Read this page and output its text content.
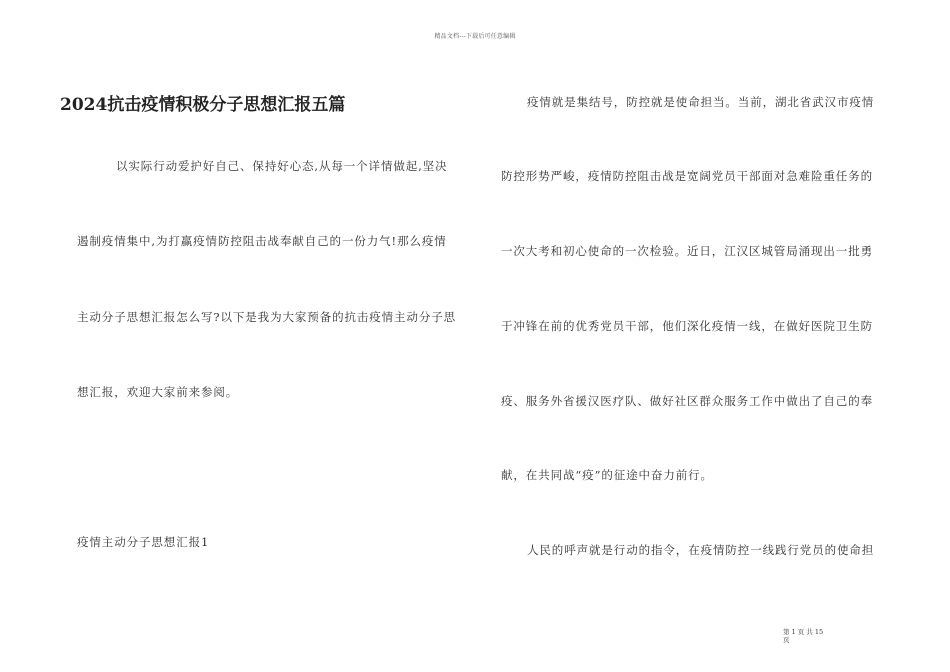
精品文档---下载后可任意编辑
2024抗击疫情积极分子思想汇报五篇
以实际行动爱护好自己、保持好心态,从每一个详情做起,坚决
遏制疫情集中,为打赢疫情防控阻击战奉献自己的一份力气!那么疫情
主动分子思想汇报怎么写?以下是我为大家预备的抗击疫情主动分子思
想汇报，欢迎大家前来参阅。
疫情主动分子思想汇报1
疫情就是集结号，防控就是使命担当。当前，湖北省武汉市疫情
防控形势严峻，疫情防控阻击战是宽阔党员干部面对急难险重任务的
一次大考和初心使命的一次检验。近日，江汉区城管局涌现出一批勇
于冲锋在前的优秀党员干部，他们深化疫情一线，在做好医院卫生防
疫、服务外省援汉医疗队、做好社区群众服务工作中做出了自己的奉
献，在共同战“疫”的征途中奋力前行。
人民的呼声就是行动的指令，在疫情防控一线践行党员的使命担
第 1 页 共 15 页
